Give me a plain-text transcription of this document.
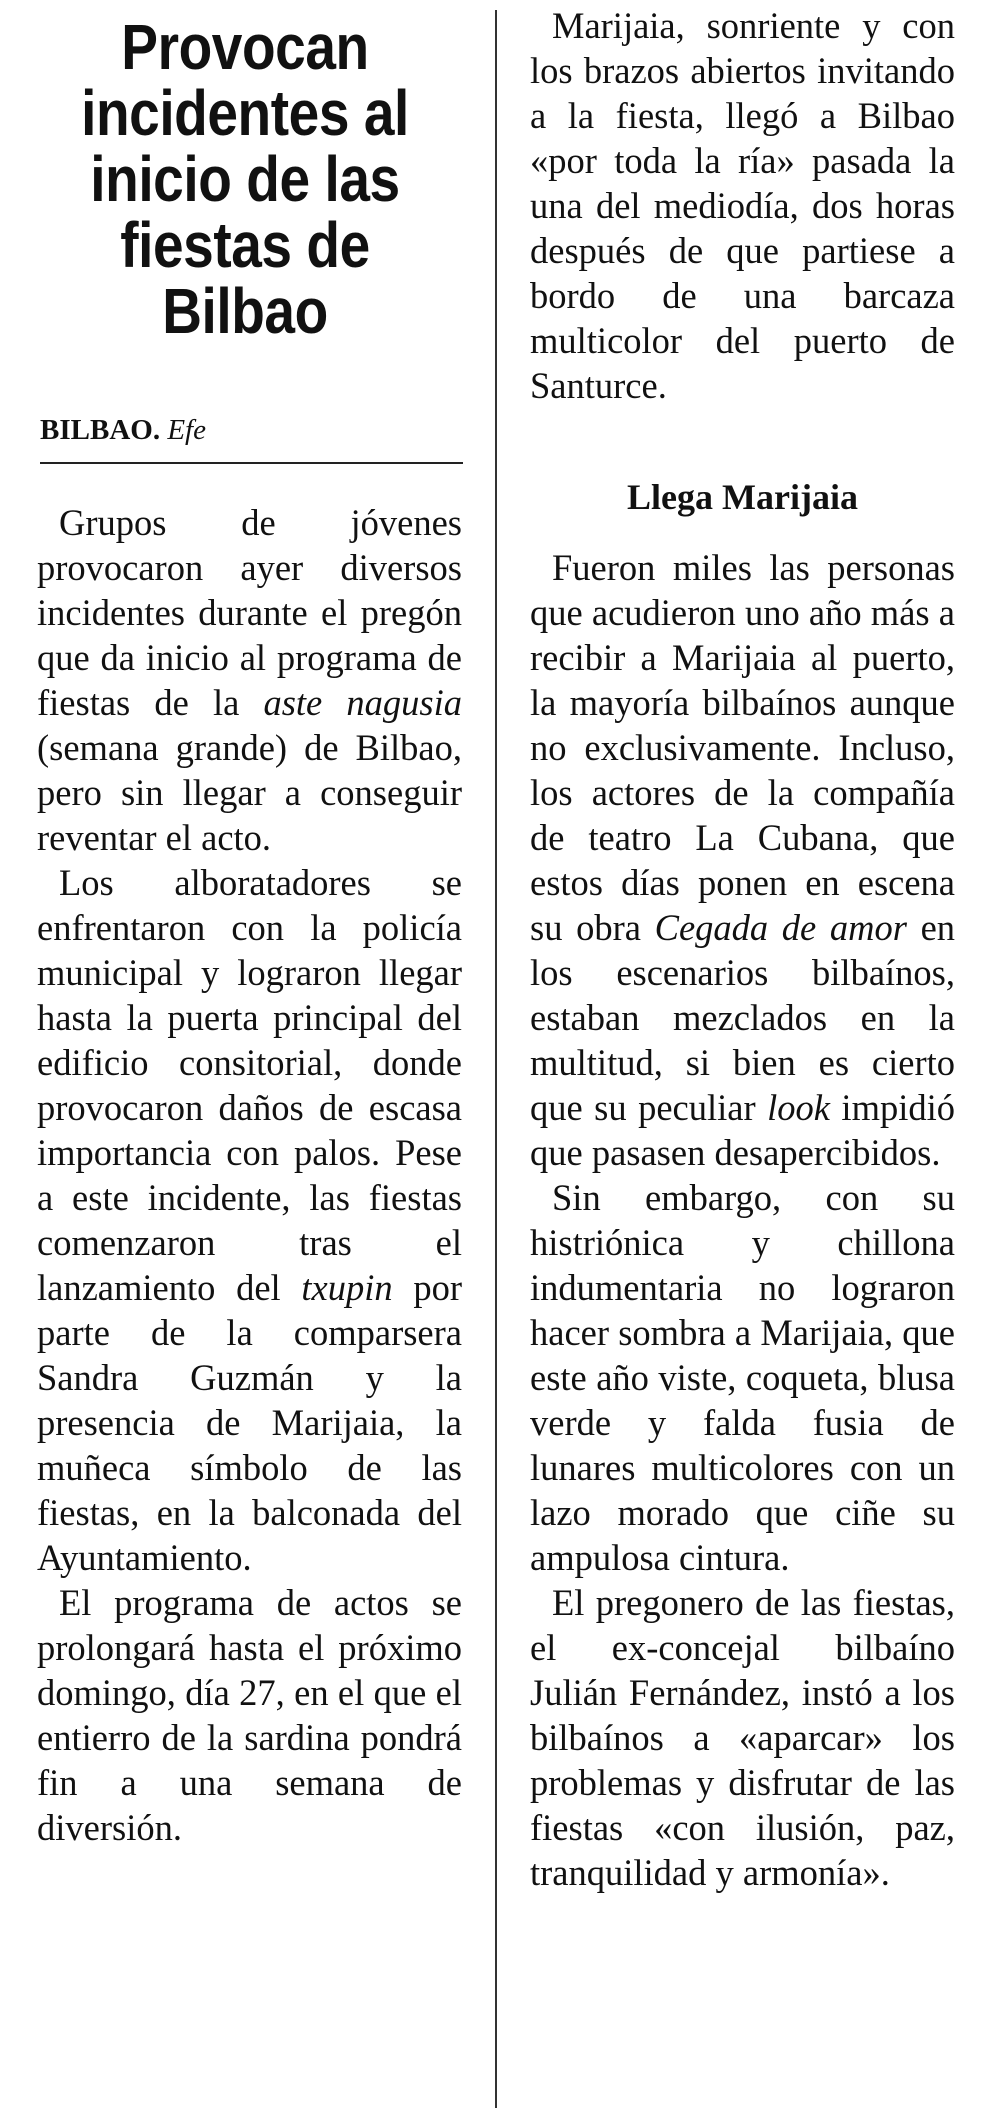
Provocan
incidentes al
inicio de las
fiestas de
Bilbao
BILBAO. Efe

Grupos de jóvenes provocaron ayer diversos incidentes durante el pregón que da inicio al programa de fiestas de la aste nagusia (semana grande) de Bilbao, pero sin llegar a conseguir reventar el acto.

Los alboratadores se enfrentaron con la policía municipal y lograron llegar hasta la puerta principal del edificio consitorial, donde provocaron daños de escasa importancia con palos. Pese a este incidente, las fiestas comenzaron tras el lanzamiento del txupin por parte de la comparsera Sandra Guzmán y la presencia de Marijaia, la muñeca símbolo de las fiestas, en la balconada del Ayuntamiento.

El programa de actos se prolongará hasta el próximo domingo, día 27, en el que el entierro de la sardina pondrá fin a una semana de diversión.

Marijaia, sonriente y con los brazos abiertos invitando a la fiesta, llegó a Bilbao «por toda la ría» pasada la una del mediodía, dos horas después de que partiese a bordo de una barcaza multicolor del puerto de Santurce.

Llega Marijaia

Fueron miles las personas que acudieron uno año más a recibir a Marijaia al puerto, la mayoría bilbaínos aunque no exclusivamente. Incluso, los actores de la compañía de teatro La Cubana, que estos días ponen en escena su obra Cegada de amor en los escenarios bilbaínos, estaban mezclados en la multitud, si bien es cierto que su peculiar look impidió que pasasen desapercibidos.

Sin embargo, con su histriónica y chillona indumentaria no lograron hacer sombra a Marijaia, que este año viste, coqueta, blusa verde y falda fusia de lunares multicolores con un lazo morado que ciñe su ampulosa cintura.

El pregonero de las fiestas, el ex-concejal bilbaíno Julián Fernández, instó a los bilbaínos a «aparcar» los problemas y disfrutar de las fiestas «con ilusión, paz, tranquilidad y armonía».
